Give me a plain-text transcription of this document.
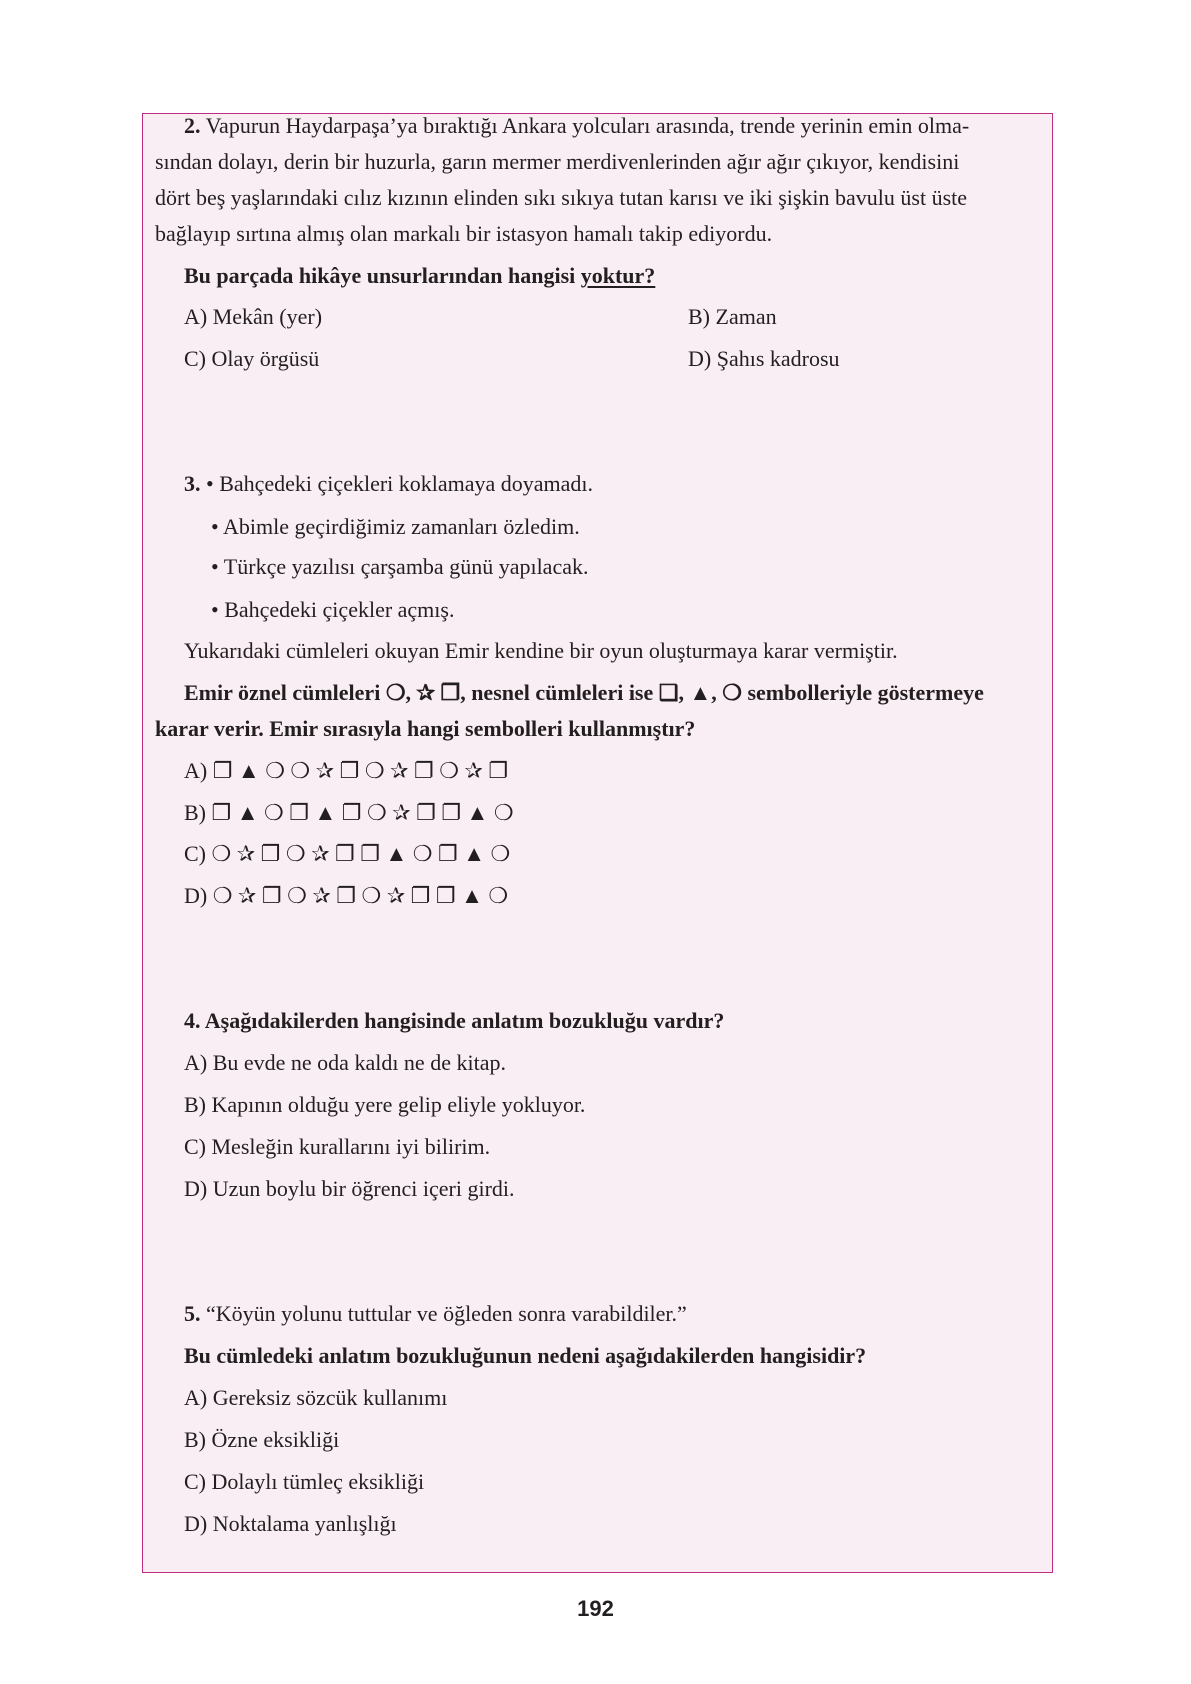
2. Vapurun Haydarpaşa’ya bıraktığı Ankara yolcuları arasında, trende yerinin emin olma-
sından dolayı, derin bir huzurla, garın mermer merdivenlerinden ağır ağır çıkıyor, kendisini
dört beş yaşlarındaki cılız kızının elinden sıkı sıkıya tutan karısı ve iki şişkin bavulu üst üste
bağlayıp sırtına almış olan markalı bir istasyon hamalı takip ediyordu.
Bu parçada hikâye unsurlarından hangisi yoktur?
A) Mekân (yer)	B) Zaman
C) Olay örgüsü	D) Şahıs kadrosu
3. • Bahçedeki çiçekleri koklamaya doyamadı.
• Abimle geçirdiğimiz zamanları özledim.
• Türkçe yazılısı çarşamba günü yapılacak.
• Bahçedeki çiçekler açmış.
Yukarıdaki cümleleri okuyan Emir kendine bir oyun oluşturmaya karar vermiştir.
Emir öznel cümleleri ❍, ✰ ❐, nesnel cümleleri ise ❑, ▲, ❍ sembolleriyle göstermeye
karar verir. Emir sırasıyla hangi sembolleri kullanmıştır?
A) ❐ ▲ ❍ ❍ ✰ ❐ ❍ ✰ ❐ ❍ ✰ ❐
B) ❐ ▲ ❍ ❐ ▲ ❐ ❍ ✰ ❐ ❐ ▲ ❍
C) ❍ ✰ ❐ ❍ ✰ ❐ ❐ ▲ ❍ ❐ ▲ ❍
D) ❍ ✰ ❐ ❍ ✰ ❐ ❍ ✰ ❐ ❐ ▲ ❍
4. Aşağıdakilerden hangisinde anlatım bozukluğu vardır?
A) Bu evde ne oda kaldı ne de kitap.
B) Kapının olduğu yere gelip eliyle yokluyor.
C) Mesleğin kurallarını iyi bilirim.
D) Uzun boylu bir öğrenci içeri girdi.
5. “Köyün yolunu tuttular ve öğleden sonra varabildiler.”
Bu cümledeki anlatım bozukluğunun nedeni aşağıdakilerden hangisidir?
A) Gereksiz sözcük kullanımı
B) Özne eksikliği
C) Dolaylı tümleç eksikliği
D) Noktalama yanlışlığı
192
